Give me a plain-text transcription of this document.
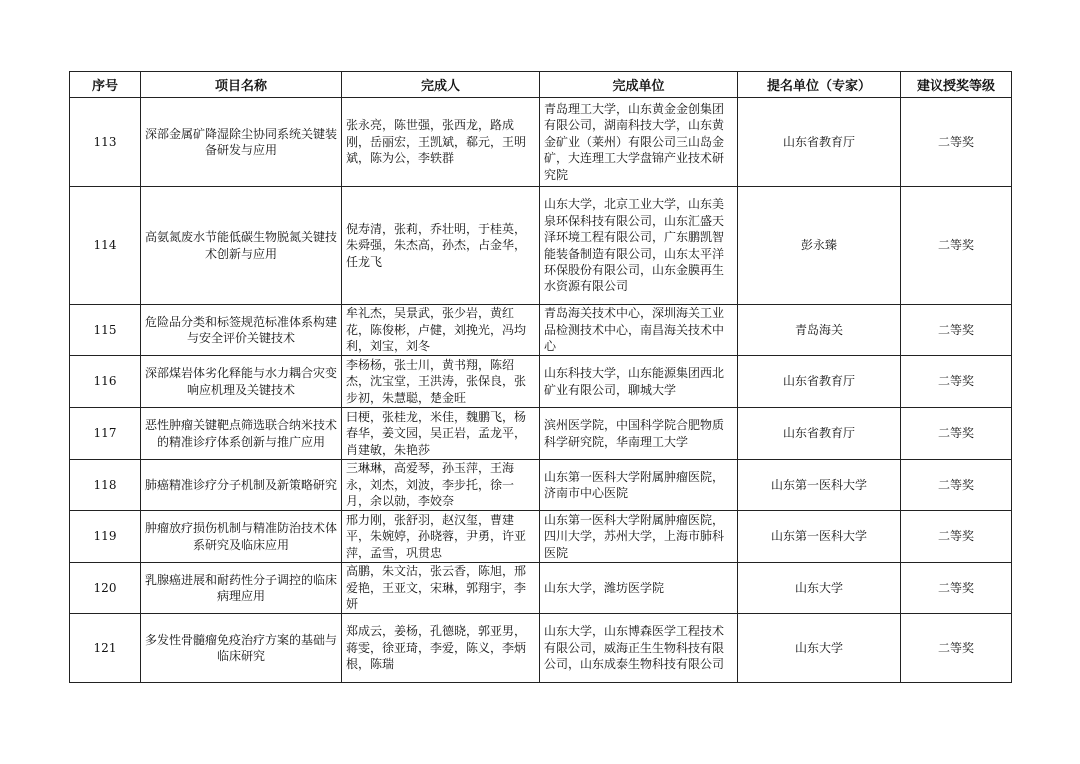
序号	项目名称	完成人	完成单位	提名单位（专家）	建议授奖等级
113	深部金属矿降湿除尘协同系统关键装备研发与应用	张永亮，陈世强，张西龙，路成刚，岳丽宏，王凯斌，郗元，王明斌，陈为公，李轶群	青岛理工大学，山东黄金金创集团有限公司，湖南科技大学，山东黄金矿业（莱州）有限公司三山岛金矿，大连理工大学盘锦产业技术研究院	山东省教育厅	二等奖
114	高氨氮废水节能低碳生物脱氮关键技术创新与应用	倪寿清，张莉，乔壮明，于桂英，朱舜强，朱杰高，孙杰，占金华，任龙飞	山东大学，北京工业大学，山东美泉环保科技有限公司，山东汇盛天泽环境工程有限公司，广东鹏凯智能装备制造有限公司，山东太平洋环保股份有限公司，山东金膜再生水资源有限公司	彭永臻	二等奖
115	危险品分类和标签规范标准体系构建与安全评价关键技术	牟礼杰，吴景武，张少岩，黄红花，陈俊彬，卢健，刘挽光，冯均利，刘宝，刘冬	青岛海关技术中心，深圳海关工业品检测技术中心，南昌海关技术中心	青岛海关	二等奖
116	深部煤岩体劣化释能与水力耦合灾变响应机理及关键技术	李杨杨，张士川，黄书翔，陈绍杰，沈宝堂，王洪涛，张保良，张步初，朱慧聪，楚金旺	山东科技大学，山东能源集团西北矿业有限公司，聊城大学	山东省教育厅	二等奖
117	恶性肿瘤关键靶点筛选联合纳米技术的精准诊疗体系创新与推广应用	曰梗，张桂龙，米佳，魏鹏飞，杨春华，姜文园，吴正岩，孟龙平，肖建敏，朱艳莎	滨州医学院，中国科学院合肥物质科学研究院，华南理工大学	山东省教育厅	二等奖
118	肺癌精准诊疗分子机制及新策略研究	三琳琳，高爱琴，孙玉萍，王海永，刘杰，刘波，李步托，徐一月，余以勍，李姣奈	山东第一医科大学附属肿瘤医院，济南市中心医院	山东第一医科大学	二等奖
119	肿瘤放疗损伤机制与精准防治技术体系研究及临床应用	邢力刚，张舒羽，赵汉玺，曹建平，朱婉婷，孙晓蓉，尹勇，许亚萍，孟雪，巩贯忠	山东第一医科大学附属肿瘤医院，四川大学，苏州大学，上海市肺科医院	山东第一医科大学	二等奖
120	乳腺癌进展和耐药性分子调控的临床病理应用	高鹏，朱文沽，张云香，陈旭，邢爱艳，王亚文，宋琳，郭翔宇，李妍	山东大学，潍坊医学院	山东大学	二等奖
121	多发性骨髓瘤免疫治疗方案的基础与临床研究	郑成云，姜杨，孔德晓，郭亚男，蒋雯，徐亚琦，李爱，陈义，李炳根，陈瑞	山东大学，山东博森医学工程技术有限公司，威海正生生物科技有限公司，山东成泰生物科技有限公司	山东大学	二等奖
